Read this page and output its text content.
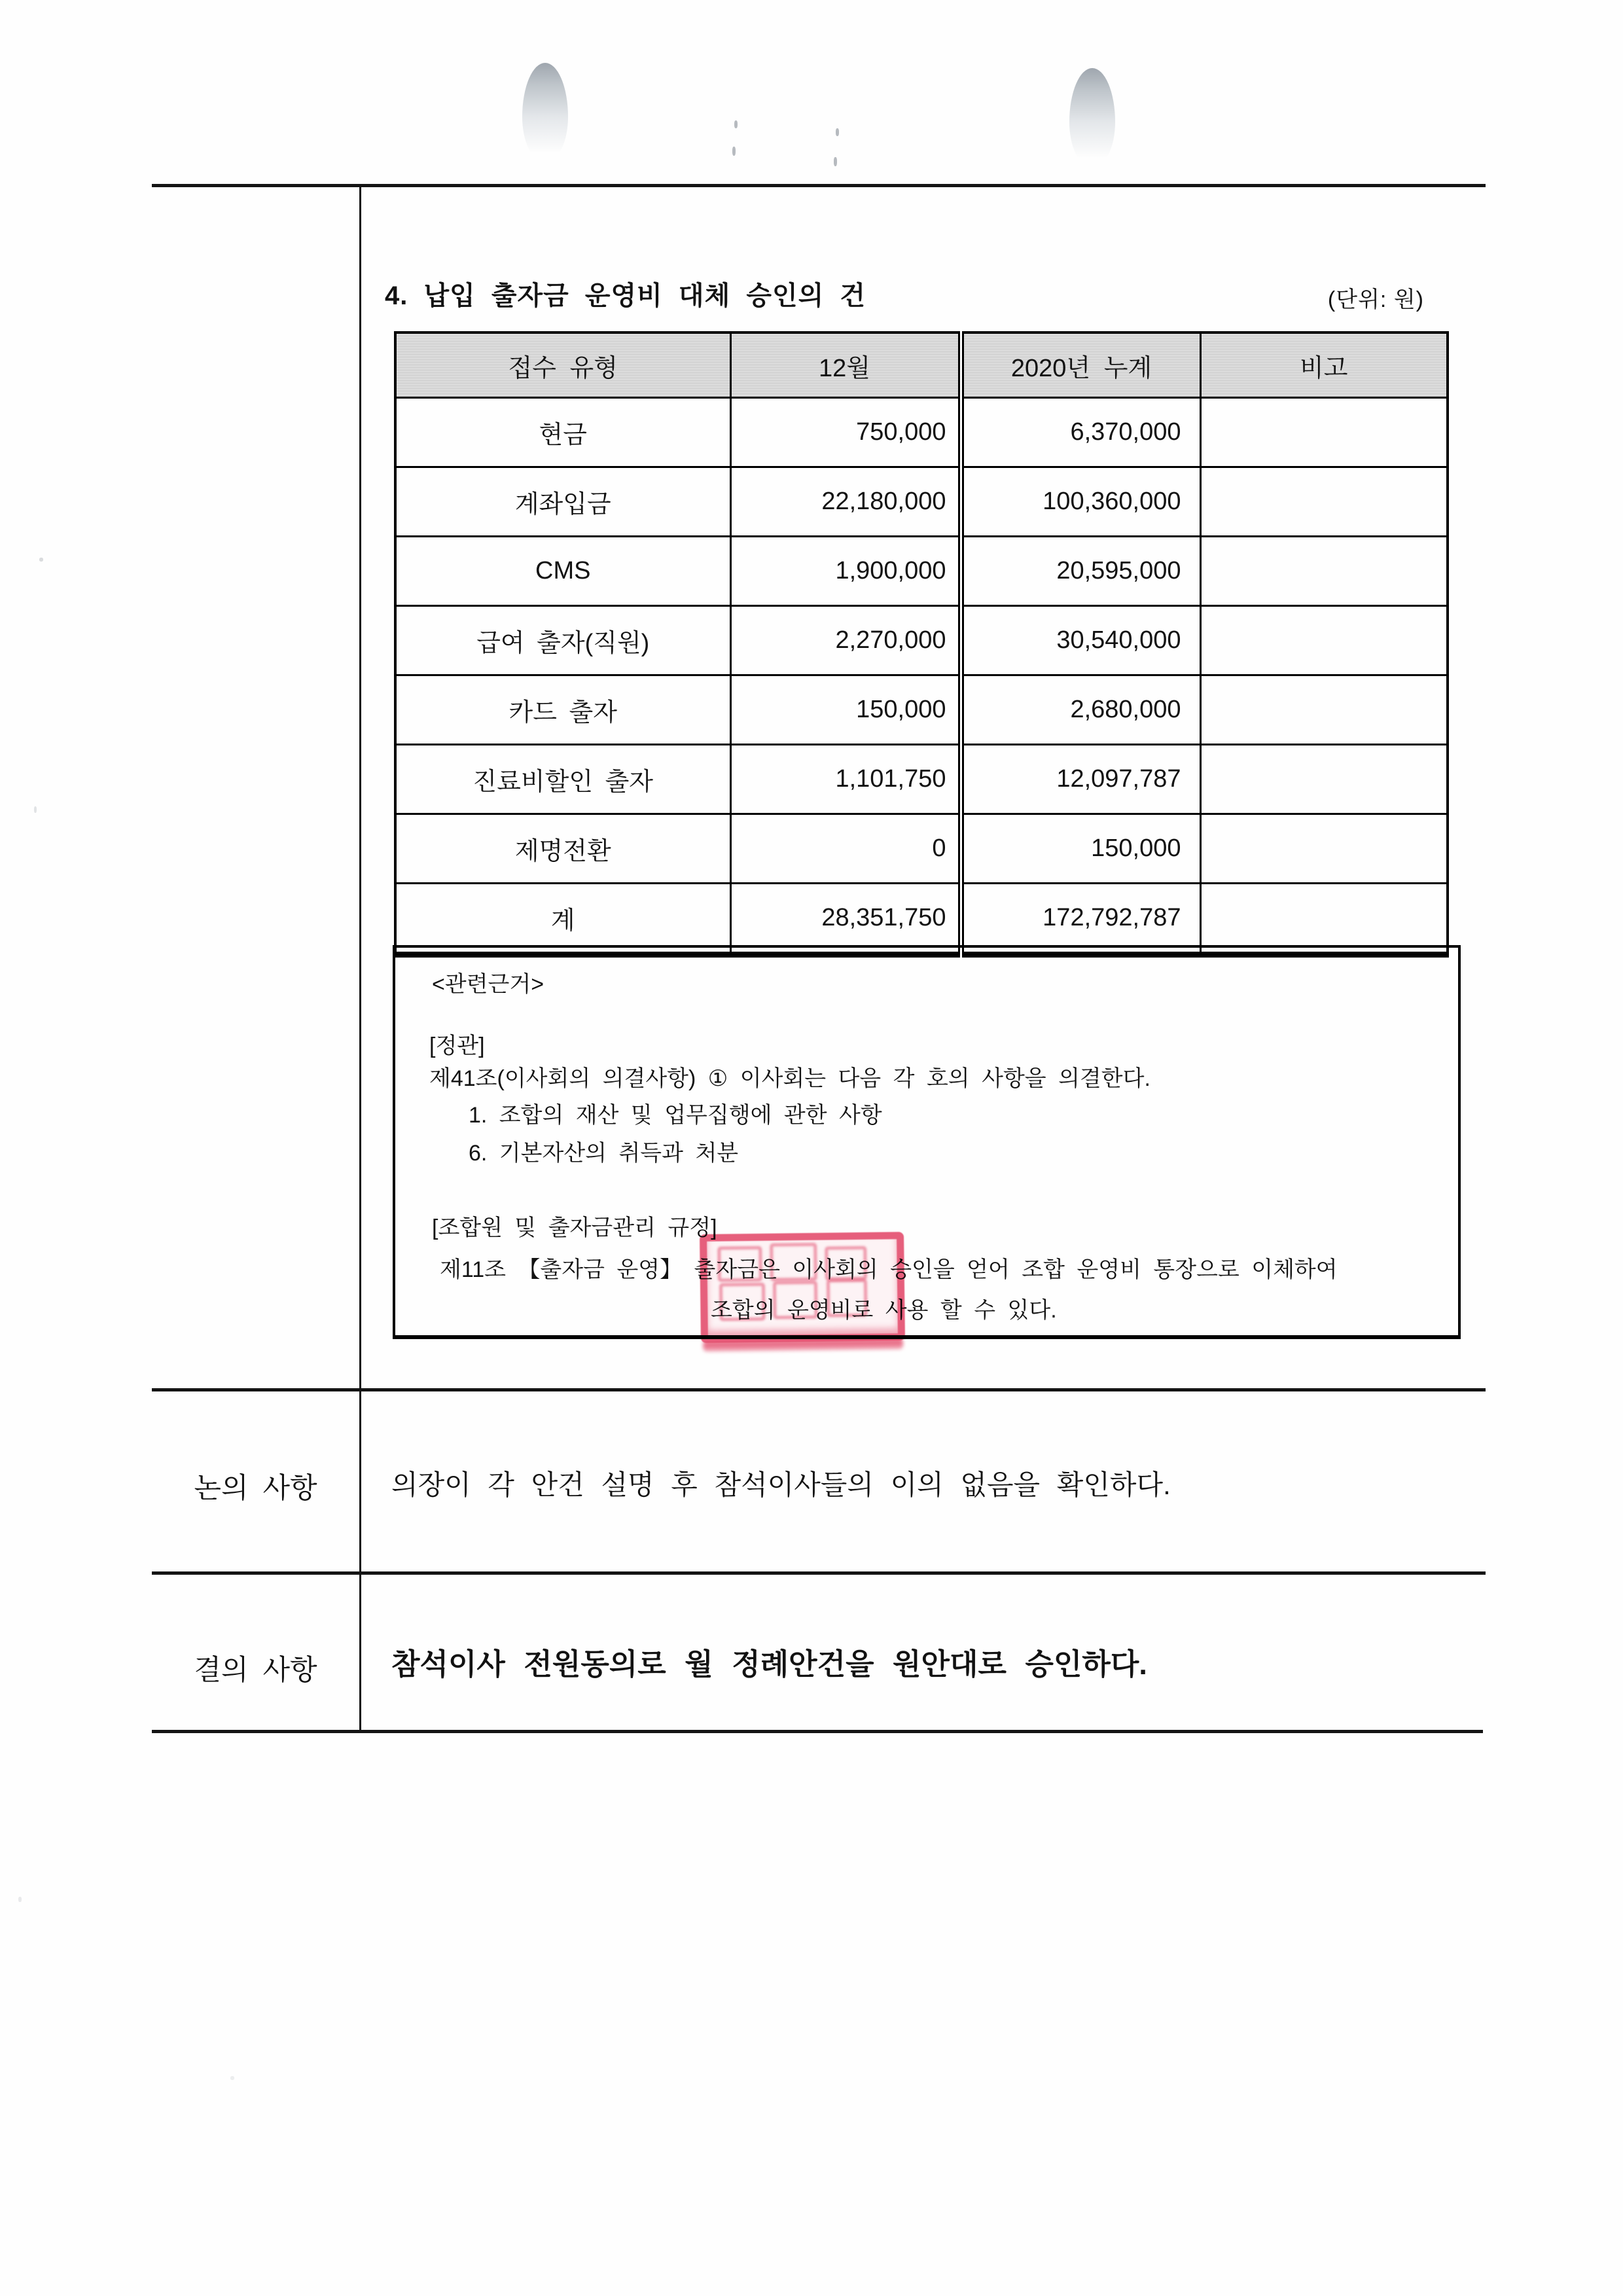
4. 납입 출자금 운영비 대체 승인의 건	(단위: 원)
접수 유형	12월	2020년 누계	비고
현금	750,000	6,370,000	
계좌입금	22,180,000	100,360,000	
CMS	1,900,000	20,595,000	
급여 출자(직원)	2,270,000	30,540,000	
카드 출자	150,000	2,680,000	
진료비할인 출자	1,101,750	12,097,787	
제명전환	0	150,000	
계	28,351,750	172,792,787	
<관련근거>
[정관]
제41조(이사회의 의결사항) ① 이사회는 다음 각 호의 사항을 의결한다.
1. 조합의 재산 및 업무집행에 관한 사항
6. 기본자산의 취득과 처분
[조합원 및 출자금관리 규정]
제11조 【출자금 운영】 출자금은 이사회의 승인을 얻어 조합 운영비 통장으로 이체하여
조합의 운영비로 사용 할 수 있다.
논의 사항	의장이 각 안건 설명 후 참석이사들의 이의 없음을 확인하다.
결의 사항	참석이사 전원동의로 월 정례안건을 원안대로 승인하다.
